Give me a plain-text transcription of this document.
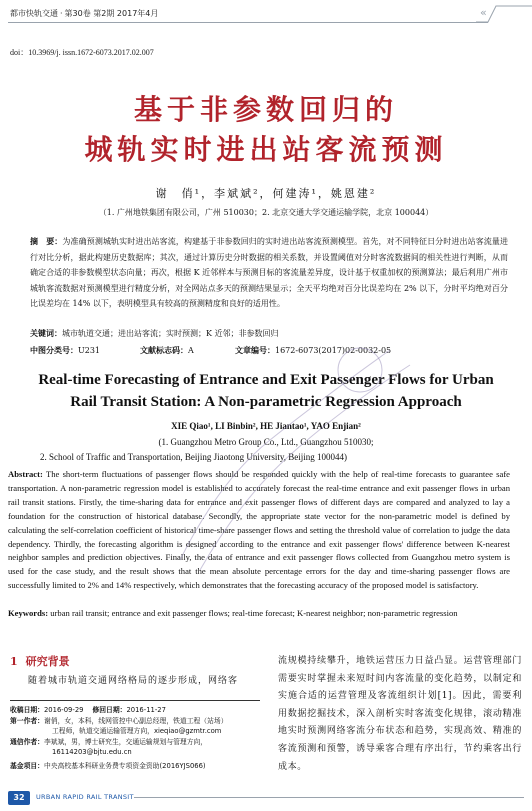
都市快轨交通 · 第30卷 第2期 2017年4月	«
doi：10.3969/j. issn.1672-6073.2017.02.007
基于非参数回归的
城轨实时进出站客流预测
谢　俏¹，李斌斌²，何建涛¹，姚恩建²
（1. 广州地铁集团有限公司，广州 510030；2. 北京交通大学交通运输学院，北京 100044）
摘　要：为准确预测城轨实时进出站客流，构建基于非参数回归的实时进出站客流预测模型。首先，对不同特征日分时进出站客流量进行对比分析，据此构建历史数据库；其次，通过计算历史分时数据的相关系数，并设置阈值对分时客流数据间的相关性进行判断，从而确定合适的非参数模型状态向量；再次，根据 K 近邻样本与预测目标的客流量差异度，设计基于权重加权的预测算法；最后利用广州市城轨客流数据对预测模型进行精度分析，对全网站点多天的预测结果显示；全天平均绝对百分比误差均在 2% 以下，分时平均绝对百分比误差均在 14% 以下，表明模型具有较高的预测精度和良好的适用性。
关键词：城市轨道交通；进出站客流；实时预测；K 近邻；非参数回归
中图分类号：U231	文献标志码：A	文章编号：1672-6073(2017)02-0032-05
Real-time Forecasting of Entrance and Exit Passenger Flows for Urban
Rail Transit Station: A Non-parametric Regression Approach
XIE Qiao¹, LI Binbin², HE Jiantao¹, YAO Enjian²
(1. Guangzhou Metro Group Co., Ltd., Guangzhou 510030;
2. School of Traffic and Transportation, Beijing Jiaotong University, Beijing 100044)
Abstract: The short-term fluctuations of passenger flows should be responded quickly with the help of real-time forecasts to guarantee safe transportation. A non-parametric regression model is established to accurately forecast the real-time entrance and exit passenger flows in urban rail transit stations. Firstly, the time-sharing data for entrance and exit passenger flows of different days are compared and analyzed to lay a foundation for the construction of historical database. Secondly, the appropriate state vector for the non-parametric model is defined by calculating the self-correlation coefficient of historical time-share passenger flows and setting the threshold value of correlation to judge the data dependency. Thirdly, the forecasting algorithm is designed according to the entrance and exit passenger flows' difference between K-nearest neighbor samples and prediction objectives. Finally, the data of entrance and exit passenger flows collected from Guangzhou metro system is used for the case study, and the result shows that the mean absolute percentage errors for the day and time-sharing passenger flows are successfully limited to 2% and 14% respectively, which demonstrates that the forecasting accuracy of the proposed model is satisfactory.
Keywords: urban rail transit; entrance and exit passenger flows; real-time forecast; K-nearest neighbor; non-parametric regression
1 研究背景
随着城市轨道交通网络格局的逐步形成，网络客
收稿日期：2016-09-29　 修回日期：2016-11-27
第一作者：谢俏，女，本科，线网管控中心副总经理，铁道工程（站场）
工程师，轨道交通运输管理方向，xieqiao@gzmtr.com
通信作者：李斌斌，男，博士研究生，交通运输规划与管理方向，
16114203@bjtu.edu.cn
基金项目：中央高校基本科研业务费专项资金资助(2016YJS066)
流规模持续攀升，地铁运营压力日益凸显。运营管理部门需要实时掌握未来短时间内客流量的变化趋势，以制定和实施合适的运营管理及客流组织计划[1]。因此，需要利用数据挖掘技术，深入剖析实时客流变化规律，滚动精准地实时预测网络客流分布状态和趋势，实现高效、精准的客流预测和预警，诱导乘客合理有序出行，节约乘客出行成本。
32	URBAN RAPID RAIL TRANSIT
